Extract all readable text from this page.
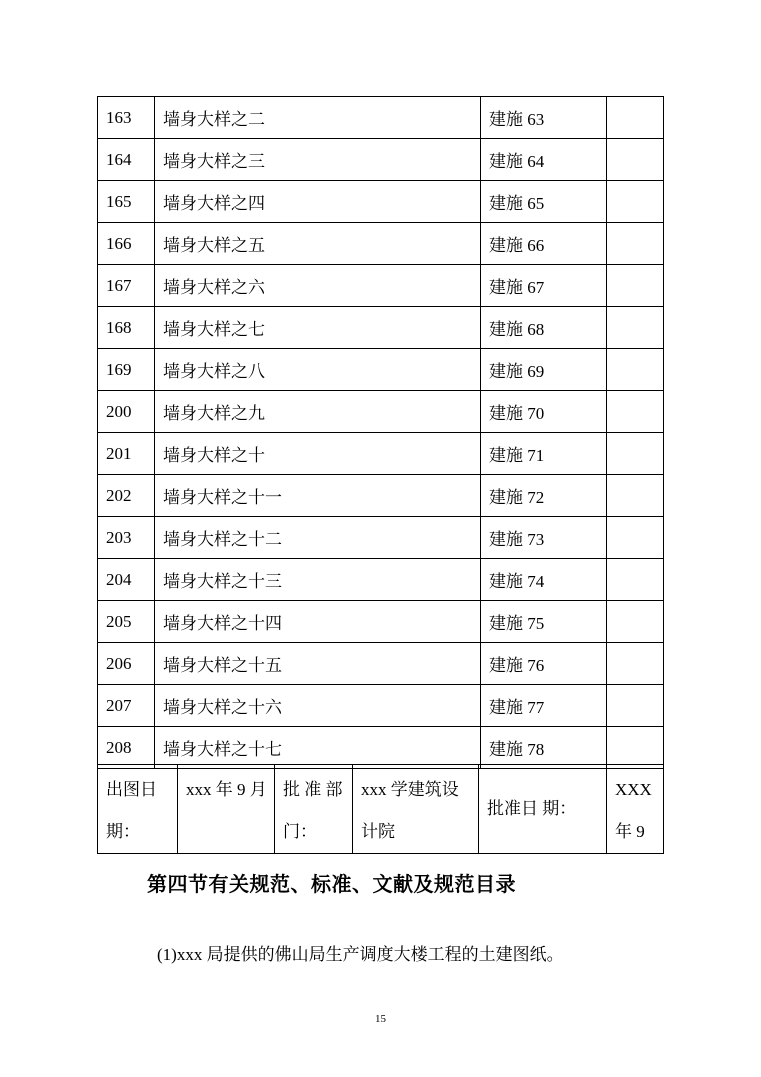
163	墙身大样之二	建施 63	
164	墙身大样之三	建施 64	
165	墙身大样之四	建施 65	
166	墙身大样之五	建施 66	
167	墙身大样之六	建施 67	
168	墙身大样之七	建施 68	
169	墙身大样之八	建施 69	
200	墙身大样之九	建施 70	
201	墙身大样之十	建施 71	
202	墙身大样之十一	建施 72	
203	墙身大样之十二	建施 73	
204	墙身大样之十三	建施 74	
205	墙身大样之十四	建施 75	
206	墙身大样之十五	建施 76	
207	墙身大样之十六	建施 77	
208	墙身大样之十七	建施 78	
出图日期：	xxx 年 9 月	批 准 部 门：	xxx 学建筑设计院	批准日 期：	XXX 年 9
第四节有关规范、标准、文献及规范目录
(1)xxx 局提供的佛山局生产调度大楼工程的土建图纸。
15
